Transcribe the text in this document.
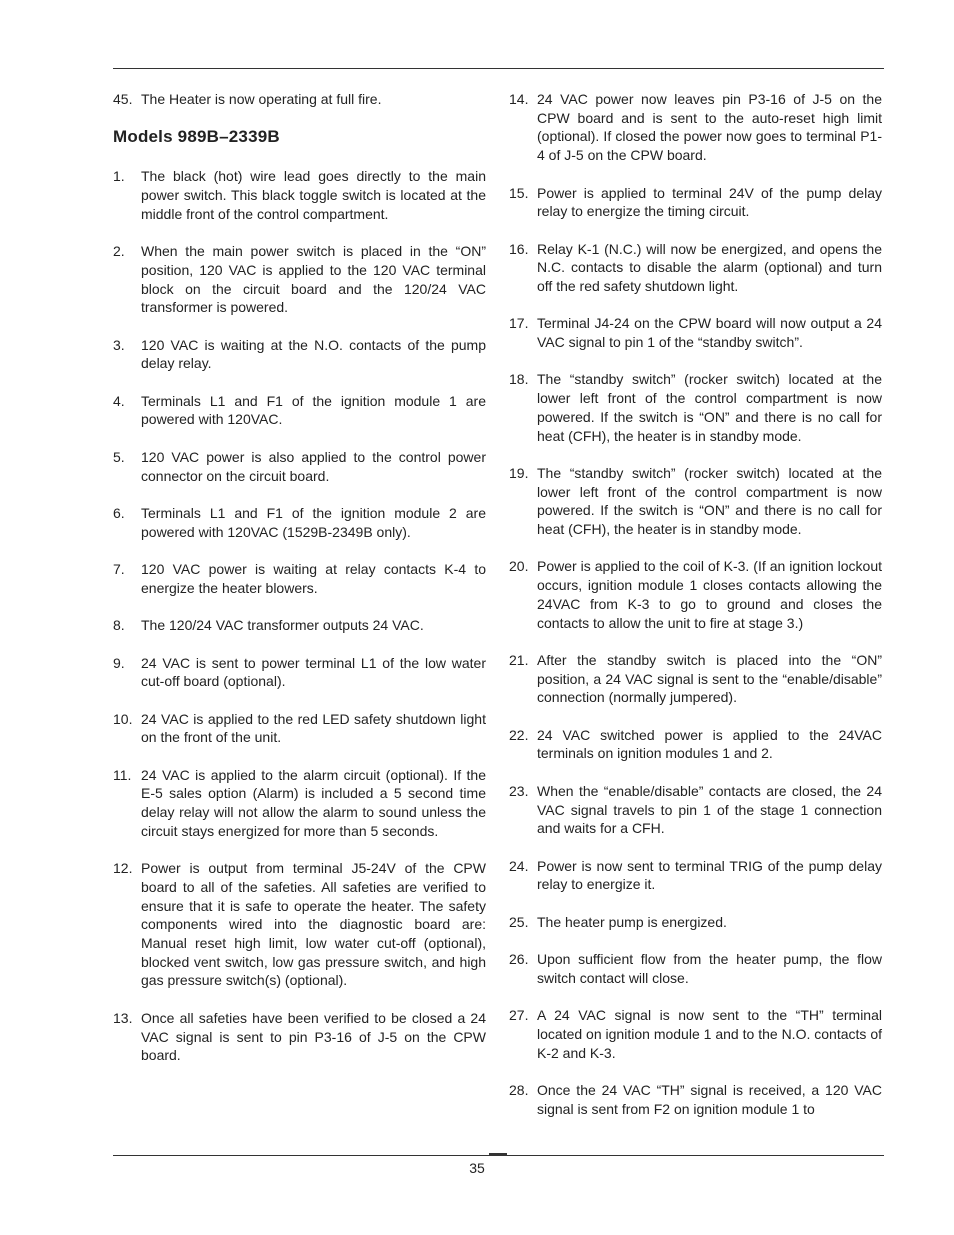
45. The Heater is now operating at full fire.
Models 989B–2339B
1.	The black (hot) wire lead goes directly to the main power switch. This black toggle switch is located at the middle front of the control compartment.
2.	When the main power switch is placed in the “ON” position, 120 VAC is applied to the 120 VAC terminal block on the circuit board and the 120/24 VAC transformer is powered.
3.	120 VAC is waiting at the N.O. contacts of the pump delay relay.
4.	Terminals L1 and F1 of the ignition module 1 are powered with 120VAC.
5.	120 VAC power is also applied to the control power connector on the circuit board.
6.	Terminals L1 and F1 of the ignition module 2 are powered with 120VAC (1529B-2349B only).
7.	120 VAC power is waiting at relay contacts K-4 to energize the heater blowers.
8.	The 120/24 VAC transformer outputs 24 VAC.
9.	24 VAC is sent to power terminal L1 of the low water cut-off board (optional).
10. 24 VAC is applied to the red LED safety shutdown light on the front of the unit.
11. 24 VAC is applied to the alarm circuit (optional). If the E-5 sales option (Alarm) is included a 5 second time delay relay will not allow the alarm to sound unless the circuit stays energized for more than 5 seconds.
12. Power is output from terminal J5-24V of the CPW board to all of the safeties. All safeties are verified to ensure that it is safe to operate the heater. The safety components wired into the diagnostic board are: Manual reset high limit, low water cut-off (optional), blocked vent switch, low gas pressure switch, and high gas pressure switch(s) (optional).
13. Once all safeties have been verified to be closed a 24 VAC signal is sent to pin P3-16 of J-5 on the CPW board.
14. 24 VAC power now leaves pin P3-16 of J-5 on the CPW board and is sent to the auto-reset high limit (optional). If closed the power now goes to terminal P1-4 of J-5 on the CPW board.
15. Power is applied to terminal 24V of the pump delay relay to energize the timing circuit.
16. Relay K-1 (N.C.) will now be energized, and opens the N.C. contacts to disable the alarm (optional) and turn off the red safety shutdown light.
17. Terminal J4-24 on the CPW board will now output a 24 VAC signal to pin 1 of the “standby switch”.
18. The “standby switch” (rocker switch) located at the lower left front of the control compartment is now powered. If the switch is “ON” and there is no call for heat (CFH), the heater is in standby mode.
19. The “standby switch” (rocker switch) located at the lower left front of the control compartment is now powered. If the switch is “ON” and there is no call for heat (CFH), the heater is in standby mode.
20. Power is applied to the coil of K-3. (If an ignition lockout occurs, ignition module 1 closes contacts allowing the 24VAC from K-3 to go to ground and closes the contacts to allow the unit to fire at stage 3.)
21. After the standby switch is placed into the “ON” position, a 24 VAC signal is sent to the “enable/disable” connection (normally jumpered).
22. 24 VAC switched power is applied to the 24VAC terminals on ignition modules 1 and 2.
23. When the “enable/disable” contacts are closed, the 24 VAC signal travels to pin 1 of the stage 1 connection and waits for a CFH.
24. Power is now sent to terminal TRIG of the pump delay relay to energize it.
25. The heater pump is energized.
26. Upon sufficient flow from the heater pump, the flow switch contact will close.
27. A 24 VAC signal is now sent to the “TH” terminal located on ignition module 1 and to the N.O. contacts of K-2 and K-3.
28. Once the 24 VAC “TH” signal is received, a 120 VAC signal is sent from F2 on ignition module 1 to
35
